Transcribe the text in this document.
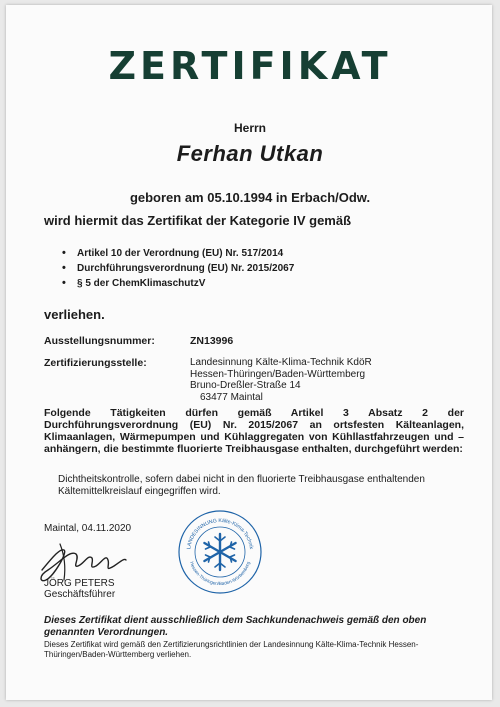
ZERTIFIKAT
Herrn
Ferhan Utkan
geboren am 05.10.1994 in Erbach/Odw.
wird hiermit das Zertifikat der Kategorie IV gemäß
• Artikel 10 der Verordnung (EU) Nr. 517/2014
• Durchführungsverordnung (EU) Nr. 2015/2067
• § 5 der ChemKlimaschutzV
verliehen.
Ausstellungsnummer:	ZN13996
Zertifizierungsstelle:	Landesinnung Kälte-Klima-Technik KdöR
Hessen-Thüringen/Baden-Württemberg
Bruno-Dreßler-Straße 14
63477 Maintal
Folgende Tätigkeiten dürfen gemäß Artikel 3 Absatz 2 der Durchführungsverordnung (EU) Nr. 2015/2067 an ortsfesten Kälteanlagen, Klimaanlagen, Wärmepumpen und Kühlaggregaten von Kühllastfahrzeugen und –anhängern, die bestimmte fluorierte Treibhausgase enthalten, durchgeführt werden:
Dichtheitskontrolle, sofern dabei nicht in den fluorierte Treibhausgase enthaltenden Kältemittelkreislauf eingegriffen wird.
Maintal, 04.11.2020
JÖRG PETERS
Geschäftsführer
LANDESINNUNG Kälte-Klima-Technik
Hessen-Thüringen/Baden-Württemberg
Dieses Zertifikat dient ausschließlich dem Sachkundenachweis gemäß den oben genannten Verordnungen.
Dieses Zertifikat wird gemäß den Zertifizierungsrichtlinien der Landesinnung Kälte-Klima-Technik Hessen-Thüringen/Baden-Württemberg verliehen.
